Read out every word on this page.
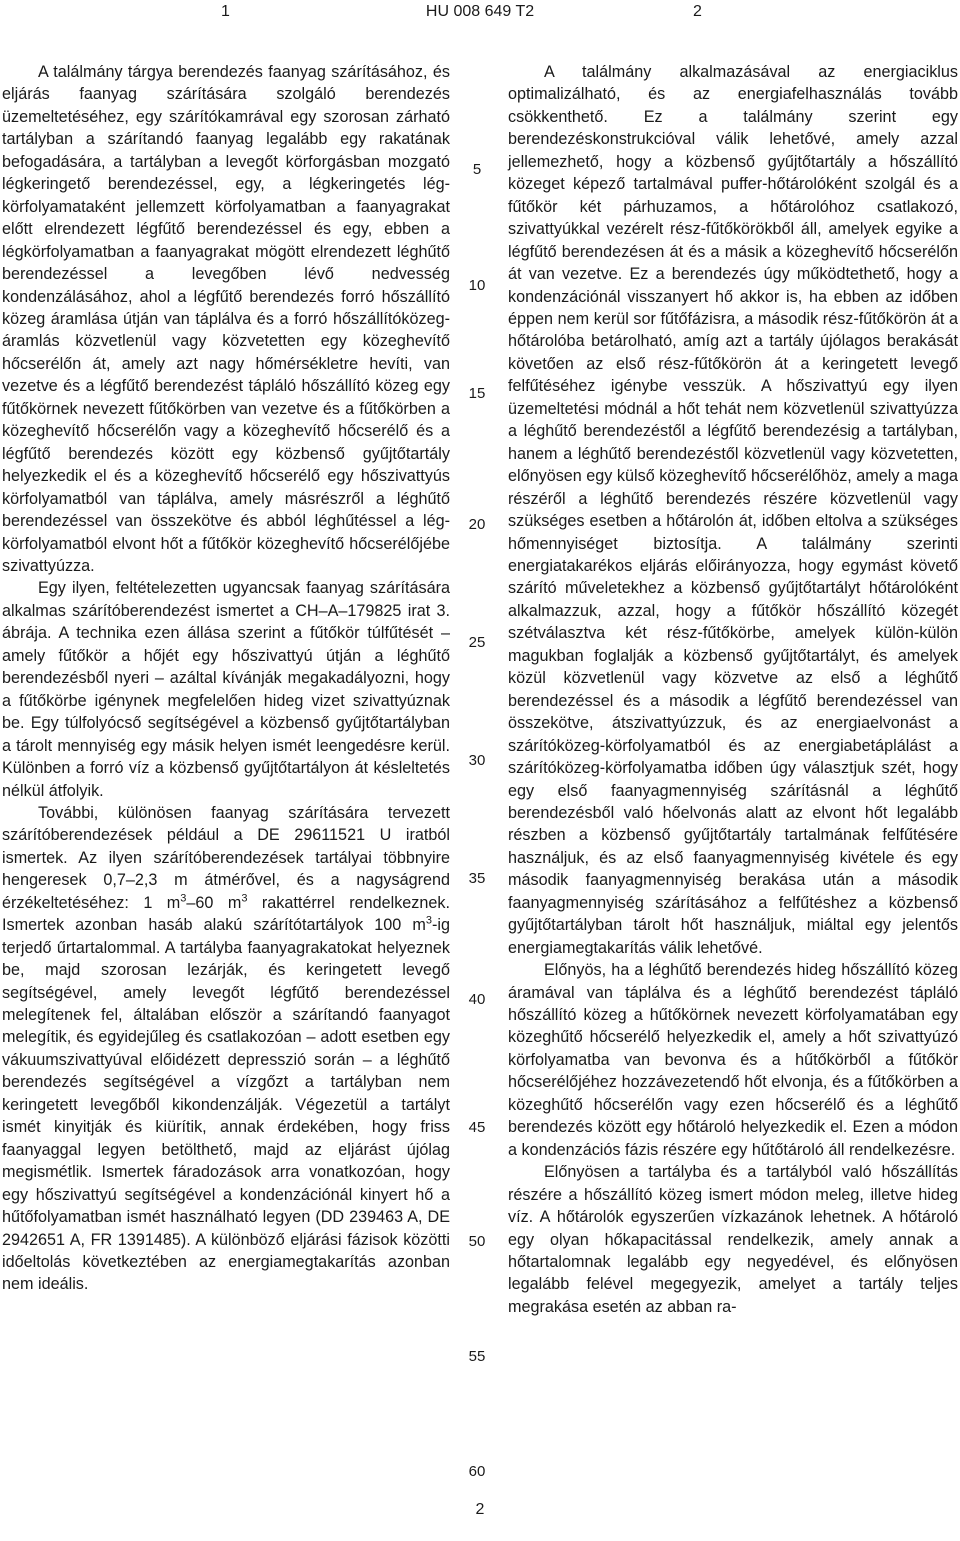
1	HU 008 649 T2	2

A találmány tárgya berendezés faanyag szárításához, és eljárás faanyag szárítására szolgáló berendezés üzemeltetéséhez, egy szárítókamrával egy szorosan zárható tartályban a szárítandó faanyag legalább egy rakatának befogadására, a tartályban a levegőt körforgásban mozgató légkeringető berendezéssel, egy, a légkeringetés lég-körfolyamataként jellemzett körfolyamatban a faanyagrakat előtt elrendezett légfűtő berendezéssel és egy, ebben a légkörfolyamatban a faanyagrakat mögött elrendezett léghűtő berendezéssel a levegőben lévő nedvesség kondenzálásához, ahol a légfűtő berendezés forró hőszállító közeg áramlása útján van táplálva és a forró hőszállítóközeg-áramlás közvetlenül vagy közvetetten egy közeghevítő hőcserélőn át, amely azt nagy hőmérsékletre hevíti, van vezetve és a légfűtő berendezést tápláló hőszállító közeg egy fűtőkörnek nevezett fűtőkörben van vezetve és a fűtőkörben a közeghevítő hőcserélőn vagy a közeghevítő hőcserélő és a légfűtő berendezés között egy közbenső gyűjtőtartály helyezkedik el és a közeghevítő hőcserélő egy hőszivattyús körfolyamatból van táplálva, amely másrészről a léghűtő berendezéssel van összekötve és abból léghűtéssel a lég-körfolyamatból elvont hőt a fűtőkör közeghevítő hőcserélőjébe szivattyúzza.

Egy ilyen, feltételezetten ugyancsak faanyag szárítására alkalmas szárítóberendezést ismertet a CH–A–179825 irat 3. ábrája. A technika ezen állása szerint a fűtőkör túlfűtését – amely fűtőkör a hőjét egy hőszivattyú útján a léghűtő berendezésből nyeri – azáltal kívánják megakadályozni, hogy a fűtőkörbe igénynek megfelelően hideg vizet szivattyúznak be. Egy túlfolyócső segítségével a közbenső gyűjtőtartályban a tárolt mennyiség egy másik helyen ismét leengedésre kerül. Különben a forró víz a közbenső gyűjtőtartályon át késleltetés nélkül átfolyik.

További, különösen faanyag szárítására tervezett szárítóberendezések például a DE 29611521 U iratból ismertek. Az ilyen szárítóberendezések tartályai többnyire hengeresek 0,7–2,3 m átmérővel, és a nagyságrend érzékeltetéséhez: 1 $m^3-60$ $m^3$ rakattérrel rendelkeznek. Ismertek azonban hasáb alakú szárítótartályok 100 $m^3-ig$ terjedő űrtartalommal. A tartályba faanyagrakatokat helyeznek be, majd szorosan lezárják, és keringetett levegő segítségével, amely levegőt légfűtő berendezéssel melegítenek fel, általában először a szárítandó faanyagot melegítik, és egyidejűleg és csatlakozóan – adott esetben egy vákuumszivattyúval előidézett depresszió során – a léghűtő berendezés segítségével a vízgőzt a tartályban nem keringetett levegőből kikondenzálják. Végezetül a tartályt ismét kinyitják és kiürítik, annak érdekében, hogy friss faanyaggal legyen betölthető, majd az eljárást újólag megismétlik. Ismertek fáradozások arra vonatkozóan, hogy egy hőszivattyú segítségével a kondenzációnál kinyert hő a hűtőfolyamatban ismét használható legyen (DD 239463 A, DE 2942651 A, FR 1391485). A különböző eljárási fázisok közötti időeltolás következtében az energiamegtakarítás azonban nem ideális.

5
10
15
20
25
30
35
40
45
50
55
60

A találmány alkalmazásával az energiaciklus optimalizálható, és az energiafelhasználás tovább csökkenthető. Ez a találmány szerint egy berendezéskonstrukcióval válik lehetővé, amely azzal jellemezhető, hogy a közbenső gyűjtőtartály a hőszállító közeget képező tartalmával puffer-hőtárolóként szolgál és a fűtőkör két párhuzamos, a hőtárolóhoz csatlakozó, szivattyúkkal vezérelt rész-fűtőkörökből áll, amelyek egyike a légfűtő berendezésen át és a másik a közeghevítő hőcserélőn át van vezetve. Ez a berendezés úgy működtethető, hogy a kondenzációnál visszanyert hő akkor is, ha ebben az időben éppen nem kerül sor fűtőfázisra, a második rész-fűtőkörön át a hőtárolóba betárolható, amíg azt a tartály újólagos berakását követően az első rész-fűtőkörön át a keringetett levegő felfűtéséhez igénybe vesszük. A hőszivattyú egy ilyen üzemeltetési módnál a hőt tehát nem közvetlenül szivattyúzza a léghűtő berendezéstől a légfűtő berendezésig a tartályban, hanem a léghűtő berendezéstől közvetlenül vagy közvetetten, előnyösen egy külső közeghevítő hőcserélőhöz, amely a maga részéről a léghűtő berendezés részére közvetlenül vagy szükséges esetben a hőtárolón át, időben eltolva a szükséges hőmennyiséget biztosítja. A találmány szerinti energiatakarékos eljárás előirányozza, hogy egymást követő szárító műveletekhez a közbenső gyűjtőtartályt hőtárolóként alkalmazzuk, azzal, hogy a fűtőkör hőszállító közegét szétválasztva két rész-fűtőkörbe, amelyek külön-külön magukban foglalják a közbenső gyűjtőtartályt, és amelyek közül közvetlenül vagy közvetve az első a léghűtő berendezéssel és a második a légfűtő berendezéssel van összekötve, átszivattyúzzuk, és az energiaelvonást a szárítóközeg-körfolyamatból és az energiabetáplálást a szárítóközeg-körfolyamatba időben úgy választjuk szét, hogy egy első faanyagmennyiség szárításnál a léghűtő berendezésből való hőelvonás alatt az elvont hőt legalább részben a közbenső gyűjtőtartály tartalmának felfűtésére használjuk, és az első faanyagmennyiség kivétele és egy második faanyagmennyiség berakása után a második faanyagmennyiség szárításához a felfűtéshez a közbenső gyűjtőtartályban tárolt hőt használjuk, miáltal egy jelentős energiamegtakarítás válik lehetővé.

Előnyös, ha a léghűtő berendezés hideg hőszállító közeg áramával van táplálva és a léghűtő berendezést tápláló hőszállító közeg a hűtőkörnek nevezett körfolyamatában egy közeghűtő hőcserélő helyezkedik el, amely a hőt szivattyúzó körfolyamatba van bevonva és a hűtőkörből a fűtőkör hőcserélőjéhez hozzávezetendő hőt elvonja, és a fűtőkörben a közeghűtő hőcserélőn vagy ezen hőcserélő és a léghűtő berendezés között egy hőtároló helyezkedik el. Ezen a módon a kondenzációs fázis részére egy hűtőtároló áll rendelkezésre.

Előnyösen a tartályba és a tartályból való hőszállítás részére a hőszállító közeg ismert módon meleg, illetve hideg víz. A hőtárolók egyszerűen vízkazánok lehetnek. A hőtároló egy olyan hőkapacitással rendelkezik, amely annak a hőtartalomnak legalább egy negyedével, és előnyösen legalább felével megegyezik, amelyet a tartály teljes megrakása esetén az abban ra-

2
